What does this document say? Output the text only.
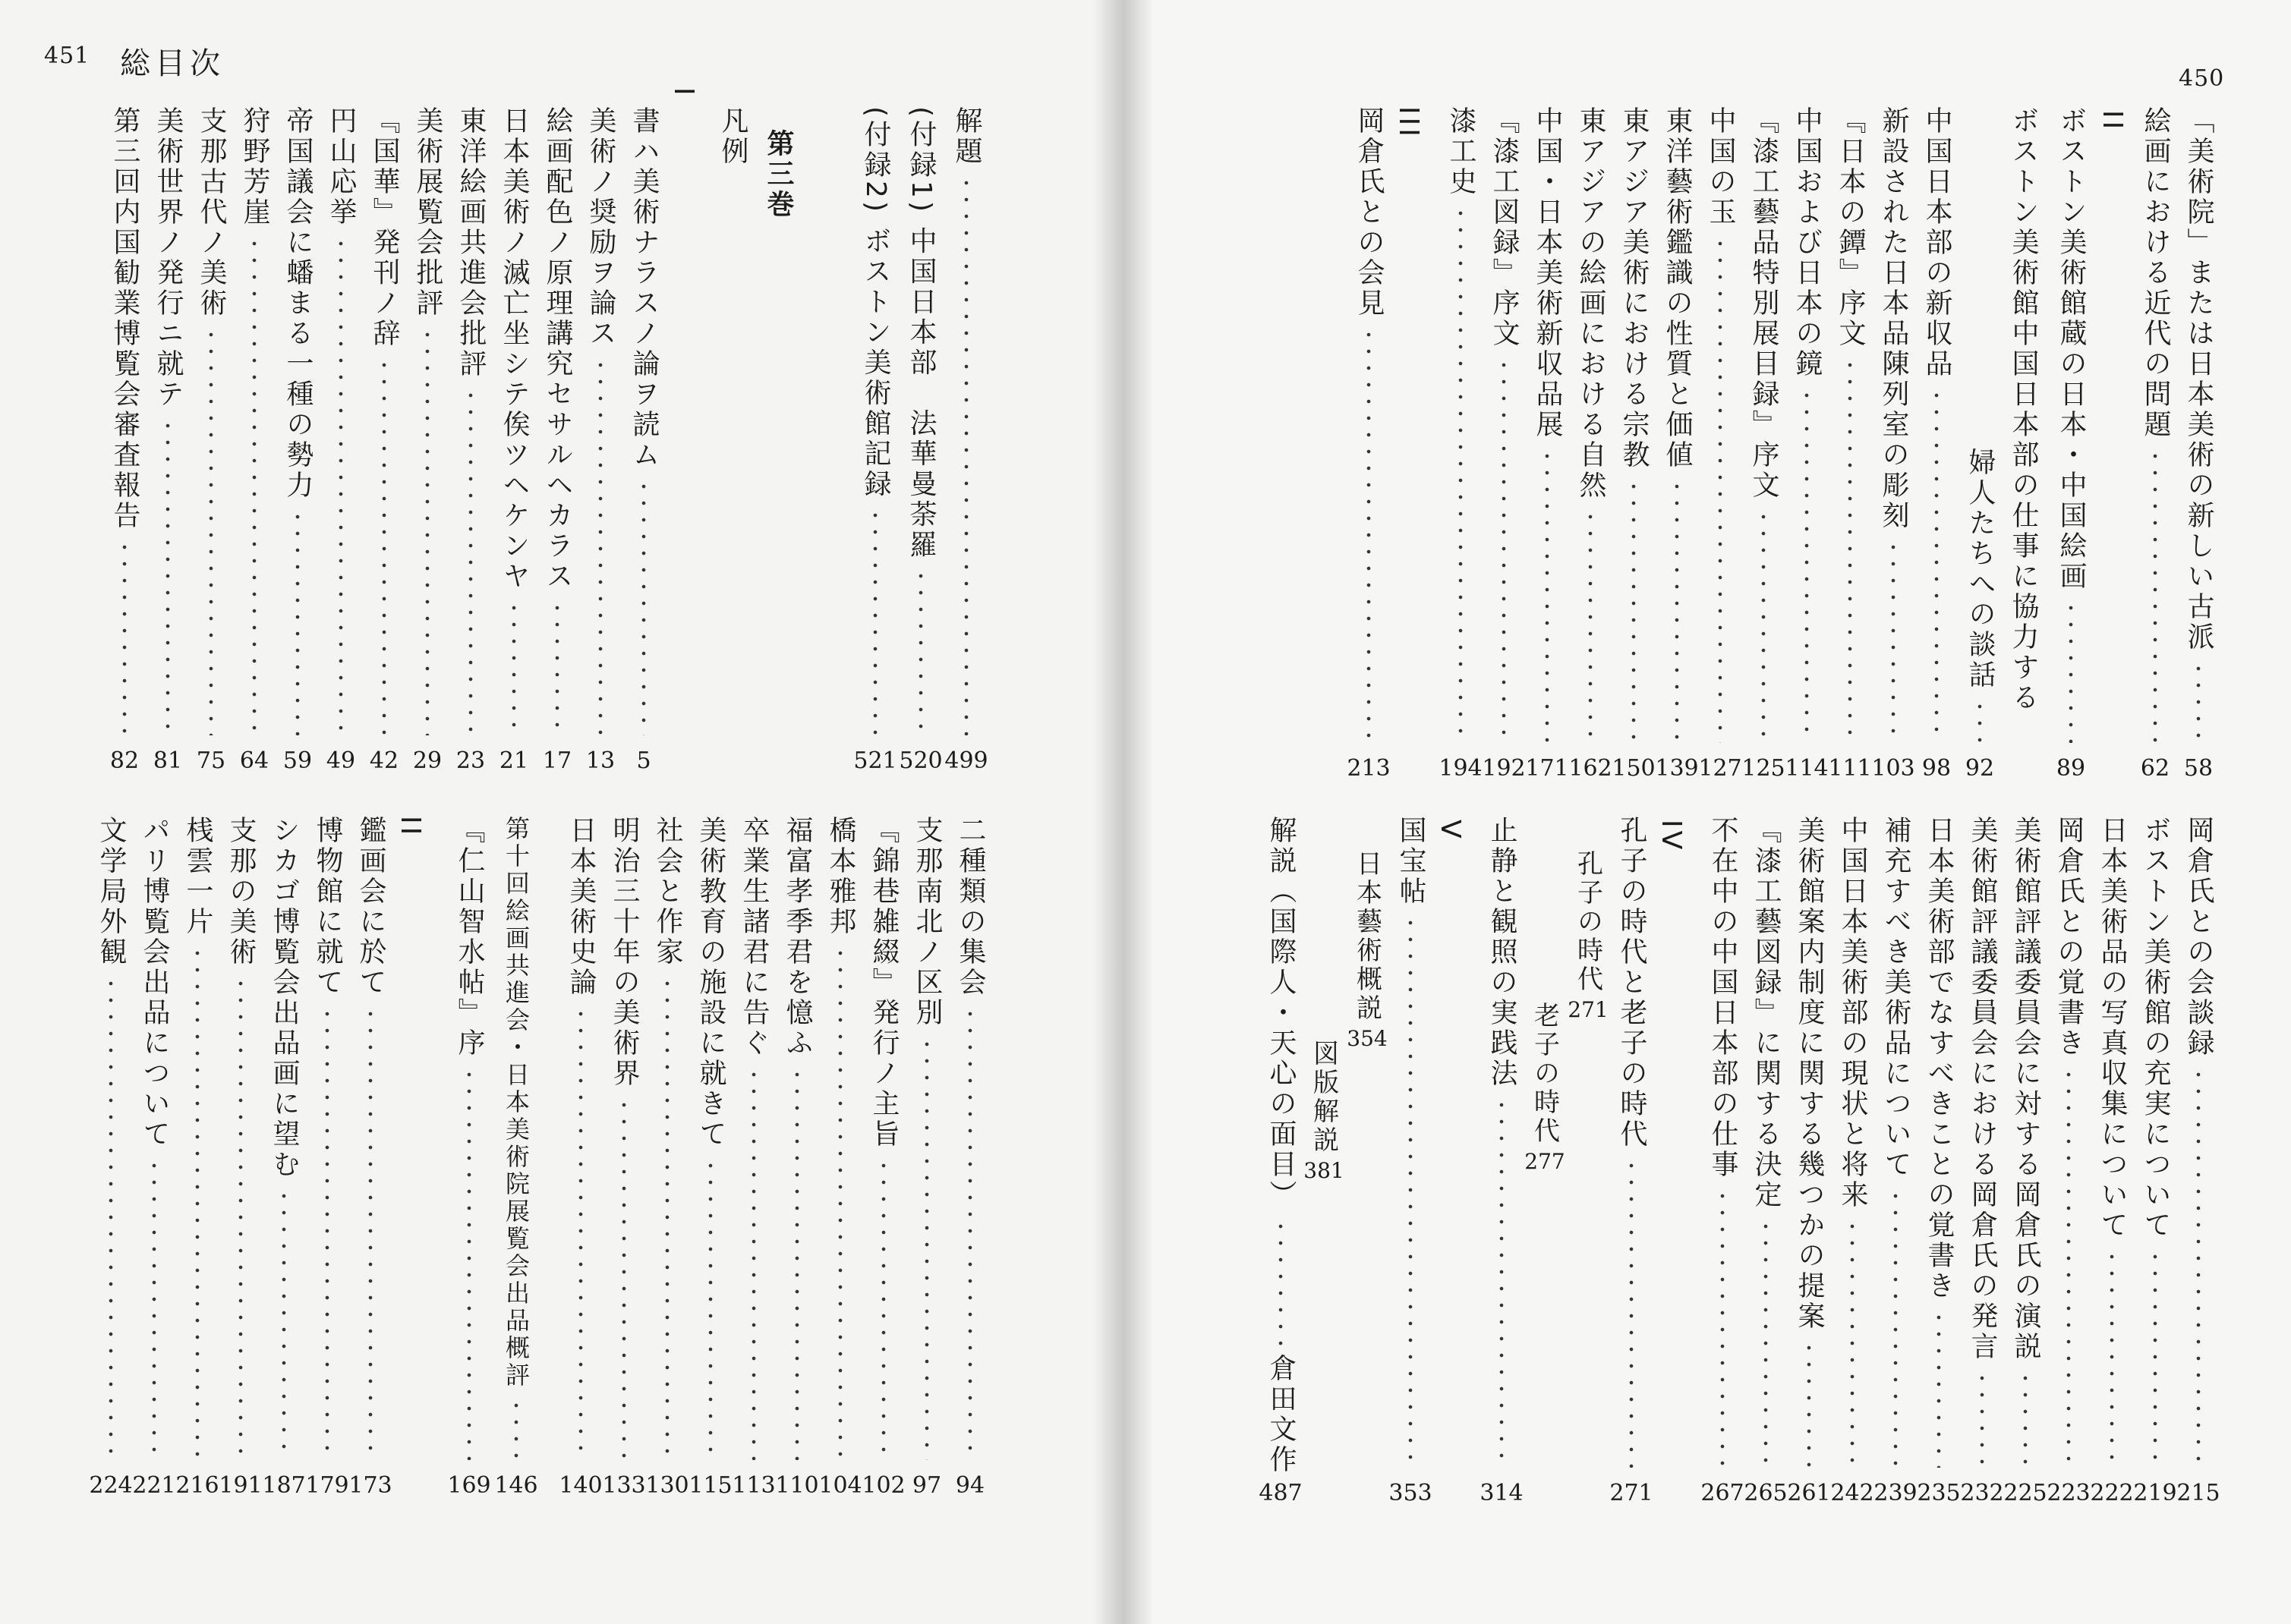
451 総目次
解題
499
(付録1) 中国日本部　法華曼荼羅
520
(付録2) ボストン美術館記録
521
第三巻
凡例
I
書ハ美術ナラスノ論ヲ読ム
5
美術ノ奨励ヲ論ス
13
絵画配色ノ原理講究セサルヘカラス
17
日本美術ノ滅亡坐シテ俟ツヘケンヤ
21
東洋絵画共進会批評
23
美術展覧会批評
29
『国華』発刊ノ辞
42
円山応挙
49
帝国議会に蟠まる一種の勢力
59
狩野芳崖
64
支那古代ノ美術
75
美術世界ノ発行ニ就テ
81
第三回内国勧業博覧会審査報告
82
二種類の集会
94
支那南北ノ区別
97
『錦巷雑綴』発行ノ主旨
102
橋本雅邦
104
福富孝季君を憶ふ
110
卒業生諸君に告ぐ
113
美術教育の施設に就きて
115
社会と作家
130
明治三十年の美術界
133
日本美術史論
140
第十回絵画共進会・日本美術院展覧会出品概評
146
『仁山智水帖』序
169
II
鑑画会に於て
173
博物館に就て
179
シカゴ博覧会出品画に望む
187
支那の美術
191
桟雲一片
216
パリ博覧会出品について
221
文学局外観
224
450
「美術院」または日本美術の新しい古派
58
絵画における近代の問題
62
II
ボストン美術館蔵の日本・中国絵画
89
ボストン美術館中国日本部の仕事に協力する
婦人たちへの談話
92
中国日本部の新収品
98
新設された日本品陳列室の彫刻
103
『日本の鐔』序文
111
中国および日本の鏡
114
『漆工藝品特別展目録』序文
125
中国の玉
127
東洋藝術鑑識の性質と価値
139
東アジア美術における宗教
150
東アジアの絵画における自然
162
中国・日本美術新収品展
171
『漆工図録』序文
192
漆工史
194
III
岡倉氏との会見
213
岡倉氏との会談録
215
ボストン美術館の充実について
219
日本美術品の写真収集について
222
岡倉氏との覚書き
223
美術館評議委員会に対する岡倉氏の演説
225
美術館評議委員会における岡倉氏の発言
232
日本美術部でなすべきことの覚書き
235
補充すべき美術品について
239
中国日本美術部の現状と将来
242
美術館案内制度に関する幾つかの提案
261
『漆工藝図録』に関する決定
265
不在中の中国日本部の仕事
267
IV
孔子の時代と老子の時代
271
孔子の時代
271
老子の時代
277
止静と観照の実践法
314
V
国宝帖
353
日本藝術概説
354
図版解説
381
解説（国際人・天心の面目）
倉田文作
487
